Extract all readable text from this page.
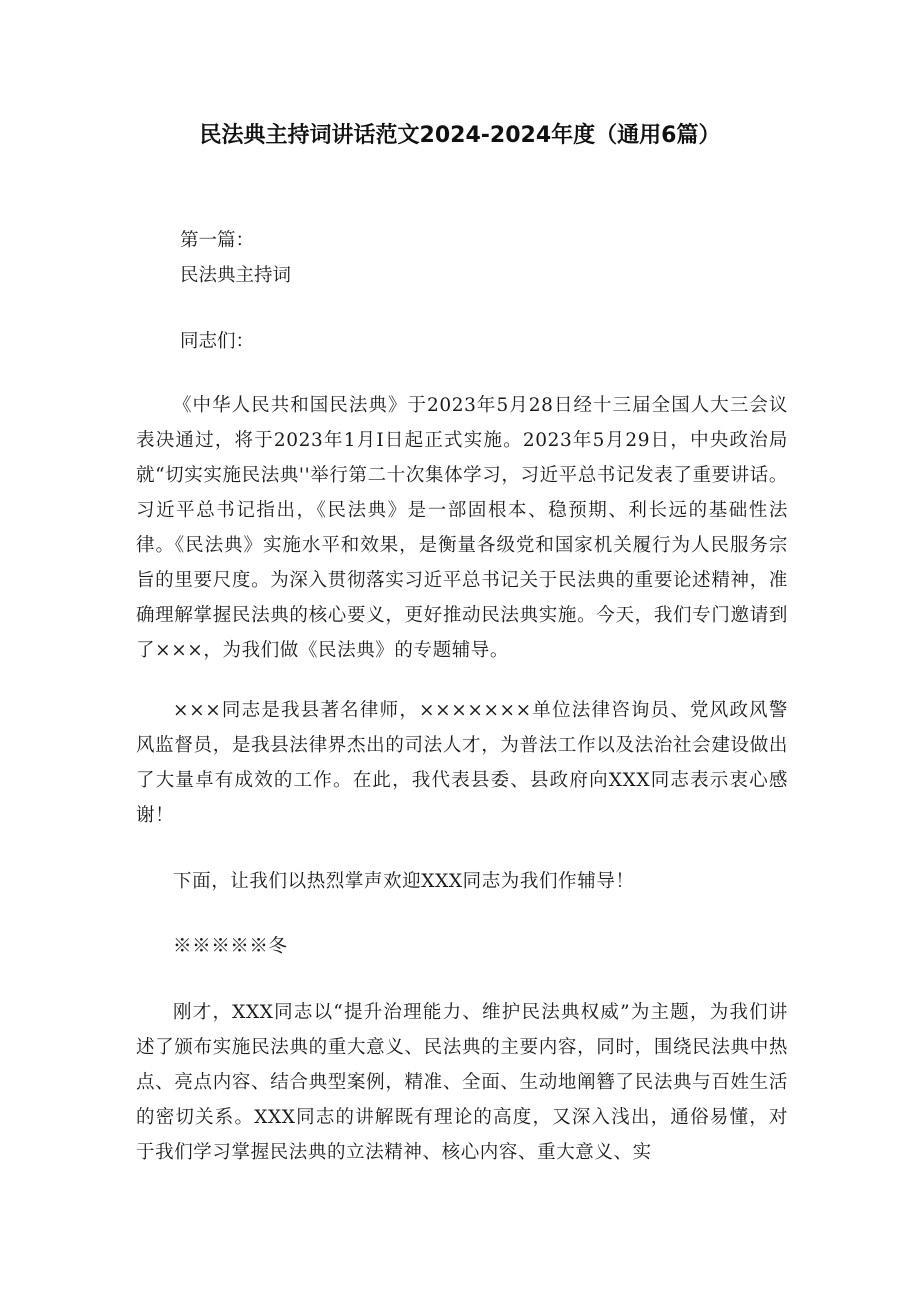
民法典主持词讲话范文2024-2024年度（通用6篇）
第一篇：
民法典主持词
同志们：

《中华人民共和国民法典》于2023年5月28日经十三届全国人大三会议表决通过，将于2023年1月I日起正式实施。2023年5月29日，中央政治局就“切实实施民法典''举行第二十次集体学习，习近平总书记发表了重要讲话。习近平总书记指出，《民法典》是一部固根本、稳预期、利长远的基础性法律。《民法典》实施水平和效果，是衡量各级党和国家机关履行为人民服务宗旨的里要尺度。为深入贯彻落实习近平总书记关于民法典的重要论述精神，准确理解掌握民法典的核心要义，更好推动民法典实施。今天，我们专门邀请到了×××，为我们做《民法典》的专题辅导。

×××同志是我县著名律师，×××××××单位法律咨询员、党风政风警风监督员，是我县法律界杰出的司法人才，为普法工作以及法治社会建设做出了大量卓有成效的工作。在此，我代表县委、县政府向XXX同志表示衷心感谢！

下面，让我们以热烈掌声欢迎XXX同志为我们作辅导！

※※※※※冬

刚才，XXX同志以“提升治理能力、维护民法典权威”为主题，为我们讲述了颁布实施民法典的重大意义、民法典的主要内容，同时，围绕民法典中热点、亮点内容、结合典型案例，精准、全面、生动地阐簪了民法典与百姓生活的密切关系。XXX同志的讲解既有理论的高度，又深入浅出，通俗易懂，对于我们学习掌握民法典的立法精神、核心内容、重大意义、实
